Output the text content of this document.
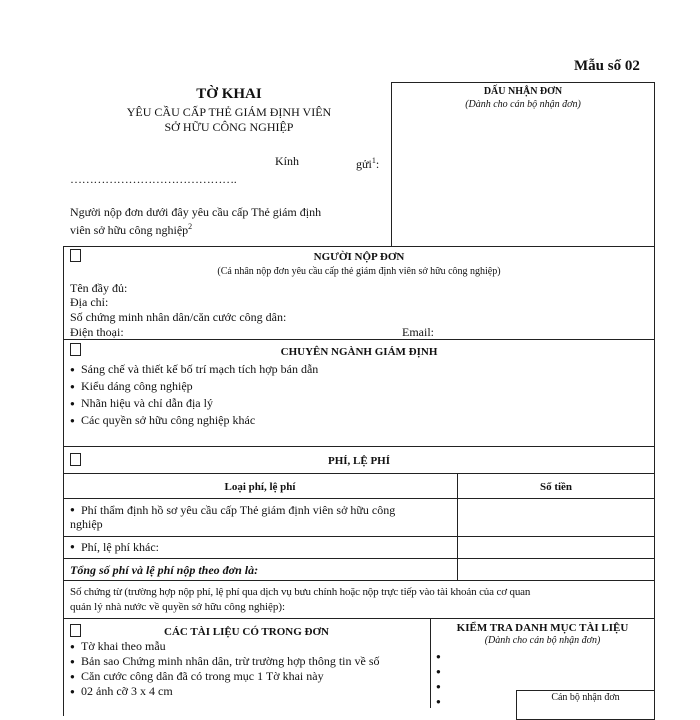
Mẫu số 02
TỜ KHAI
YÊU CẦU CẤP THẺ GIÁM ĐỊNH VIÊN
SỞ HỮU CÔNG NGHIỆP
Kính	gửi$^1$:
…………………………………….
Người nộp đơn dưới đây yêu cầu cấp Thẻ giám định
viên sở hữu công nghiệp$^2$
DẤU NHẬN ĐƠN
(Dành cho cán bộ nhận đơn)
NGƯỜI NỘP ĐƠN
(Cá nhân nộp đơn yêu cầu cấp thẻ giám định viên sở hữu công nghiệp)
Tên đầy đủ:
Địa chỉ:
Số chứng minh nhân dân/căn cước công dân:
Điện thoại:	Email:
CHUYÊN NGÀNH GIÁM ĐỊNH
● Sáng chế và thiết kế bố trí mạch tích hợp bán dẫn
● Kiểu dáng công nghiệp
● Nhãn hiệu và chỉ dẫn địa lý
● Các quyền sở hữu công nghiệp khác
PHÍ, LỆ PHÍ
Loại phí, lệ phí	Số tiền
● Phí thẩm định hồ sơ yêu cầu cấp Thẻ giám định viên sở hữu công
nghiệp
● Phí, lệ phí khác:
Tổng số phí và lệ phí nộp theo đơn là:
Số chứng từ (trường hợp nộp phí, lệ phí qua dịch vụ bưu chính hoặc nộp trực tiếp vào tài khoản của cơ quan
quản lý nhà nước về quyền sở hữu công nghiệp):
CÁC TÀI LIỆU CÓ TRONG ĐƠN
● Tờ khai theo mẫu
● Bản sao Chứng minh nhân dân, trừ trường hợp thông tin về số
● Căn cước công dân đã có trong mục 1 Tờ khai này
● 02 ảnh cỡ 3 x 4 cm
KIỂM TRA DANH MỤC TÀI LIỆU
(Dành cho cán bộ nhận đơn)
●
●
●
●	Cán bộ nhận đơn
